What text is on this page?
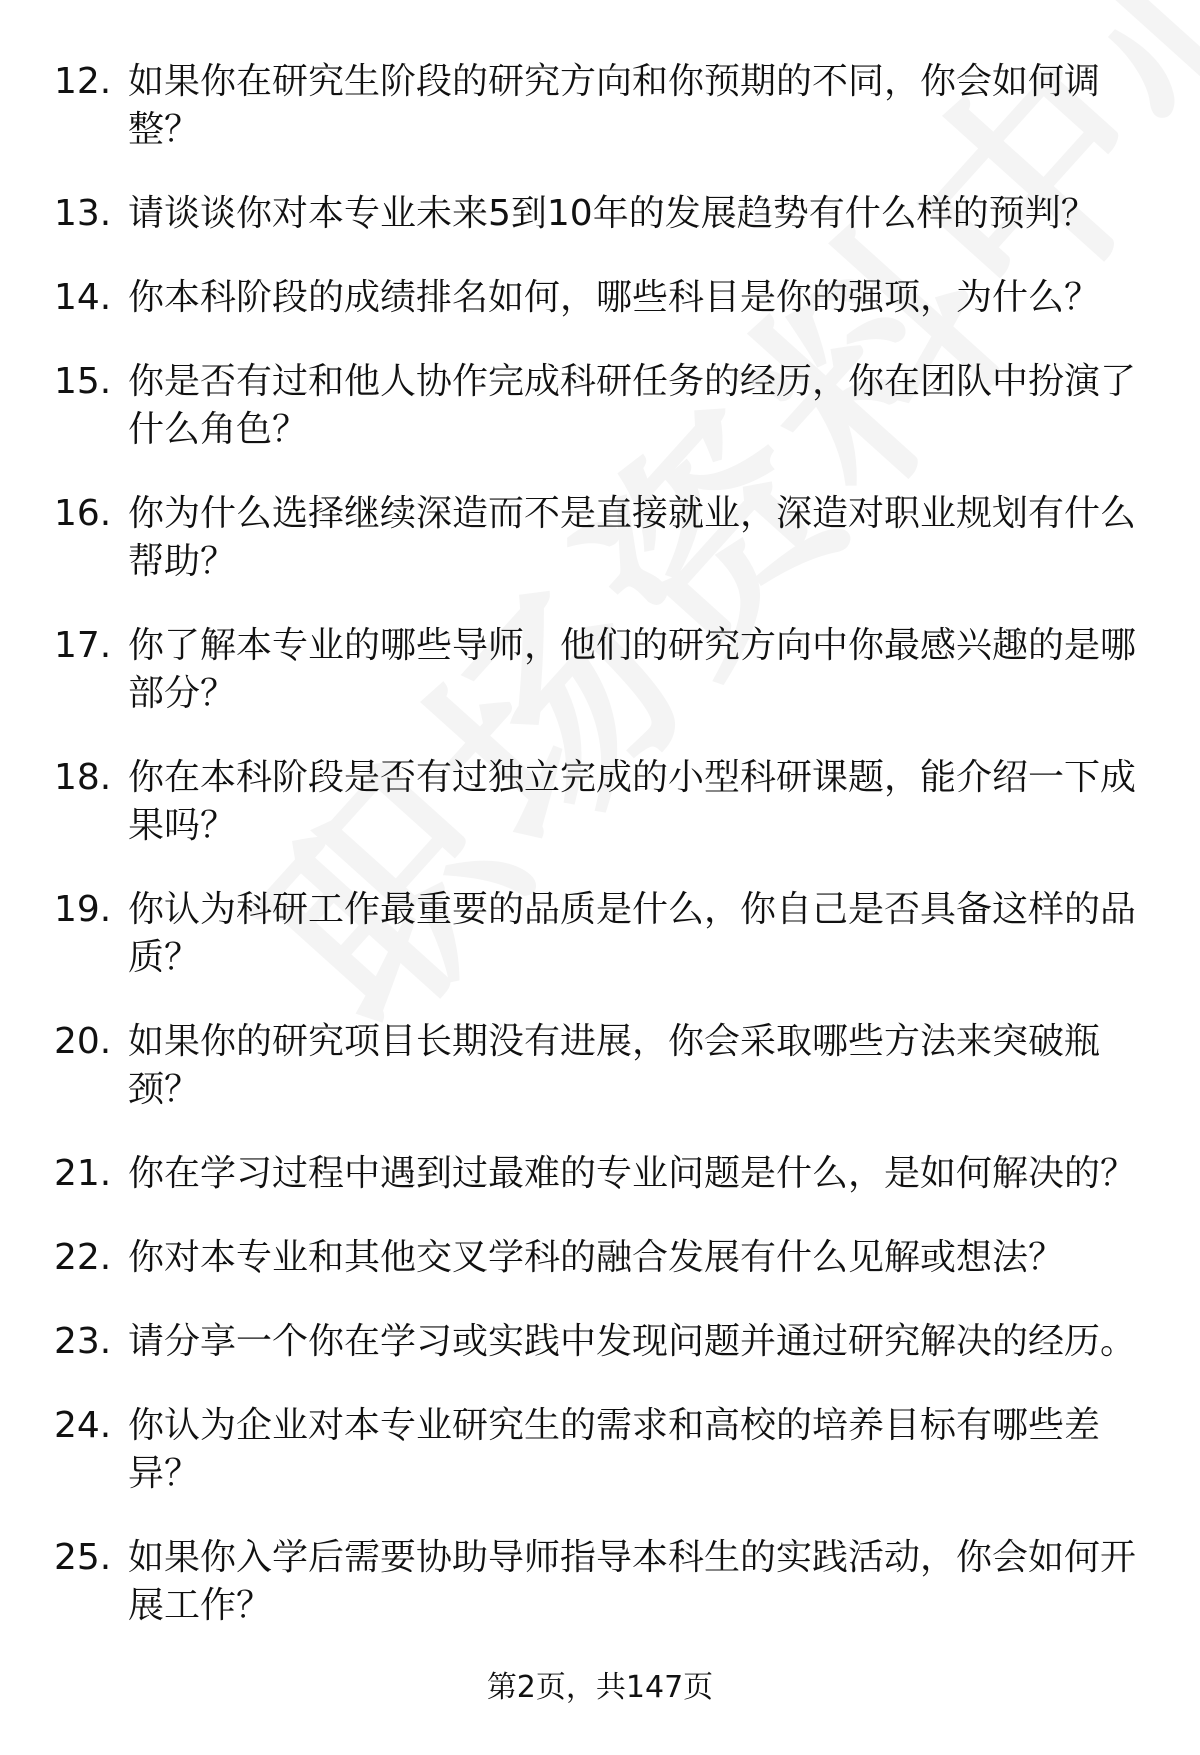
12. 如果你在研究生阶段的研究方向和你预期的不同，你会如何调整？
13. 请谈谈你对本专业未来5到10年的发展趋势有什么样的预判？
14. 你本科阶段的成绩排名如何，哪些科目是你的强项，为什么？
15. 你是否有过和他人协作完成科研任务的经历，你在团队中扮演了什么角色？
16. 你为什么选择继续深造而不是直接就业，深造对职业规划有什么帮助？
17. 你了解本专业的哪些导师，他们的研究方向中你最感兴趣的是哪部分？
18. 你在本科阶段是否有过独立完成的小型科研课题，能介绍一下成果吗？
19. 你认为科研工作最重要的品质是什么，你自己是否具备这样的品质？
20. 如果你的研究项目长期没有进展，你会采取哪些方法来突破瓶颈？
21. 你在学习过程中遇到过最难的专业问题是什么，是如何解决的？
22. 你对本专业和其他交叉学科的融合发展有什么见解或想法？
23. 请分享一个你在学习或实践中发现问题并通过研究解决的经历。
24. 你认为企业对本专业研究生的需求和高校的培养目标有哪些差异？
25. 如果你入学后需要协助导师指导本科生的实践活动，你会如何开展工作？
第2页，共147页
